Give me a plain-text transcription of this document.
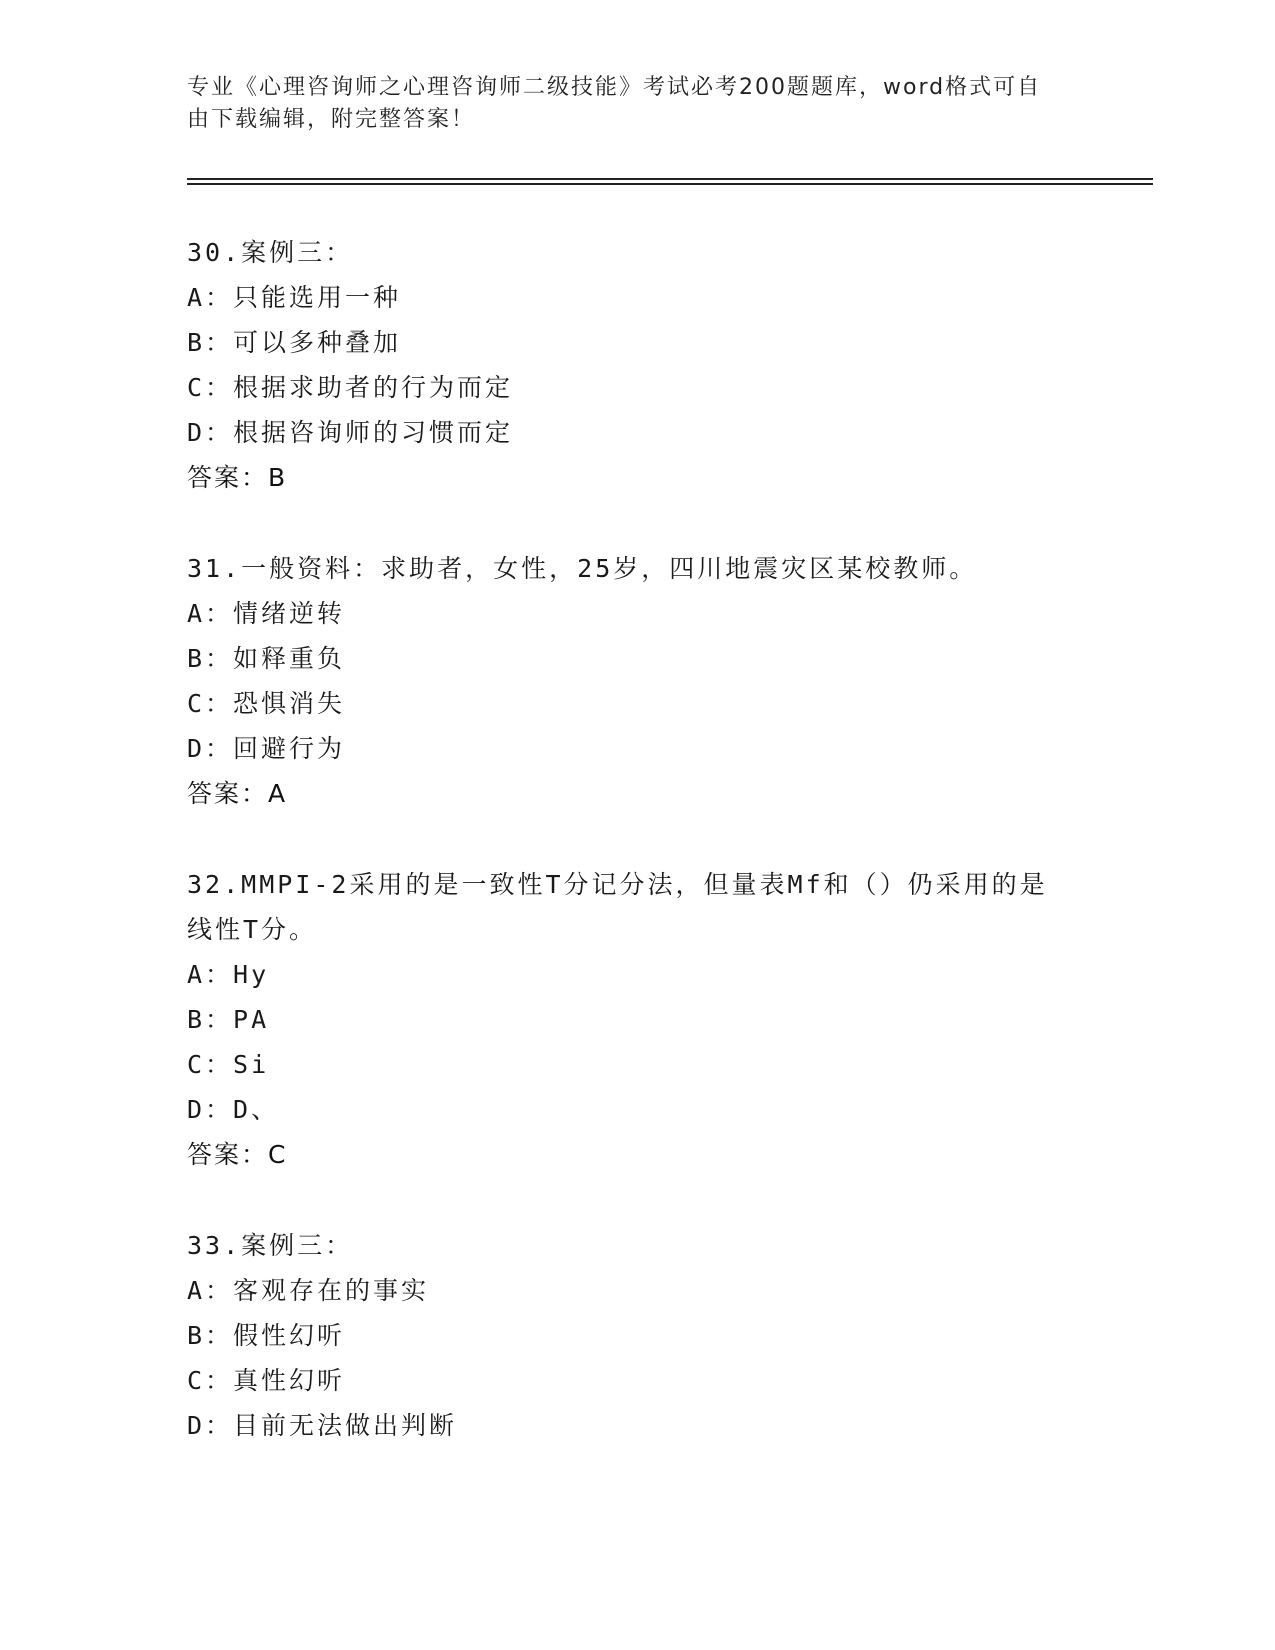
专业《心理咨询师之心理咨询师二级技能》考试必考200题题库，word格式可自
由下载编辑，附完整答案！
30.案例三：
A：只能选用一种
B：可以多种叠加
C：根据求助者的行为而定
D：根据咨询师的习惯而定
答案：B
31.一般资料：求助者，女性，25岁，四川地震灾区某校教师。
A：情绪逆转
B：如释重负
C：恐惧消失
D：回避行为
答案：A
32.MMPI-2采用的是一致性T分记分法，但量表Mf和（）仍采用的是
线性T分。
A：Hy
B：PA
C：Si
D：D、
答案：C
33.案例三：
A：客观存在的事实
B：假性幻听
C：真性幻听
D：目前无法做出判断
